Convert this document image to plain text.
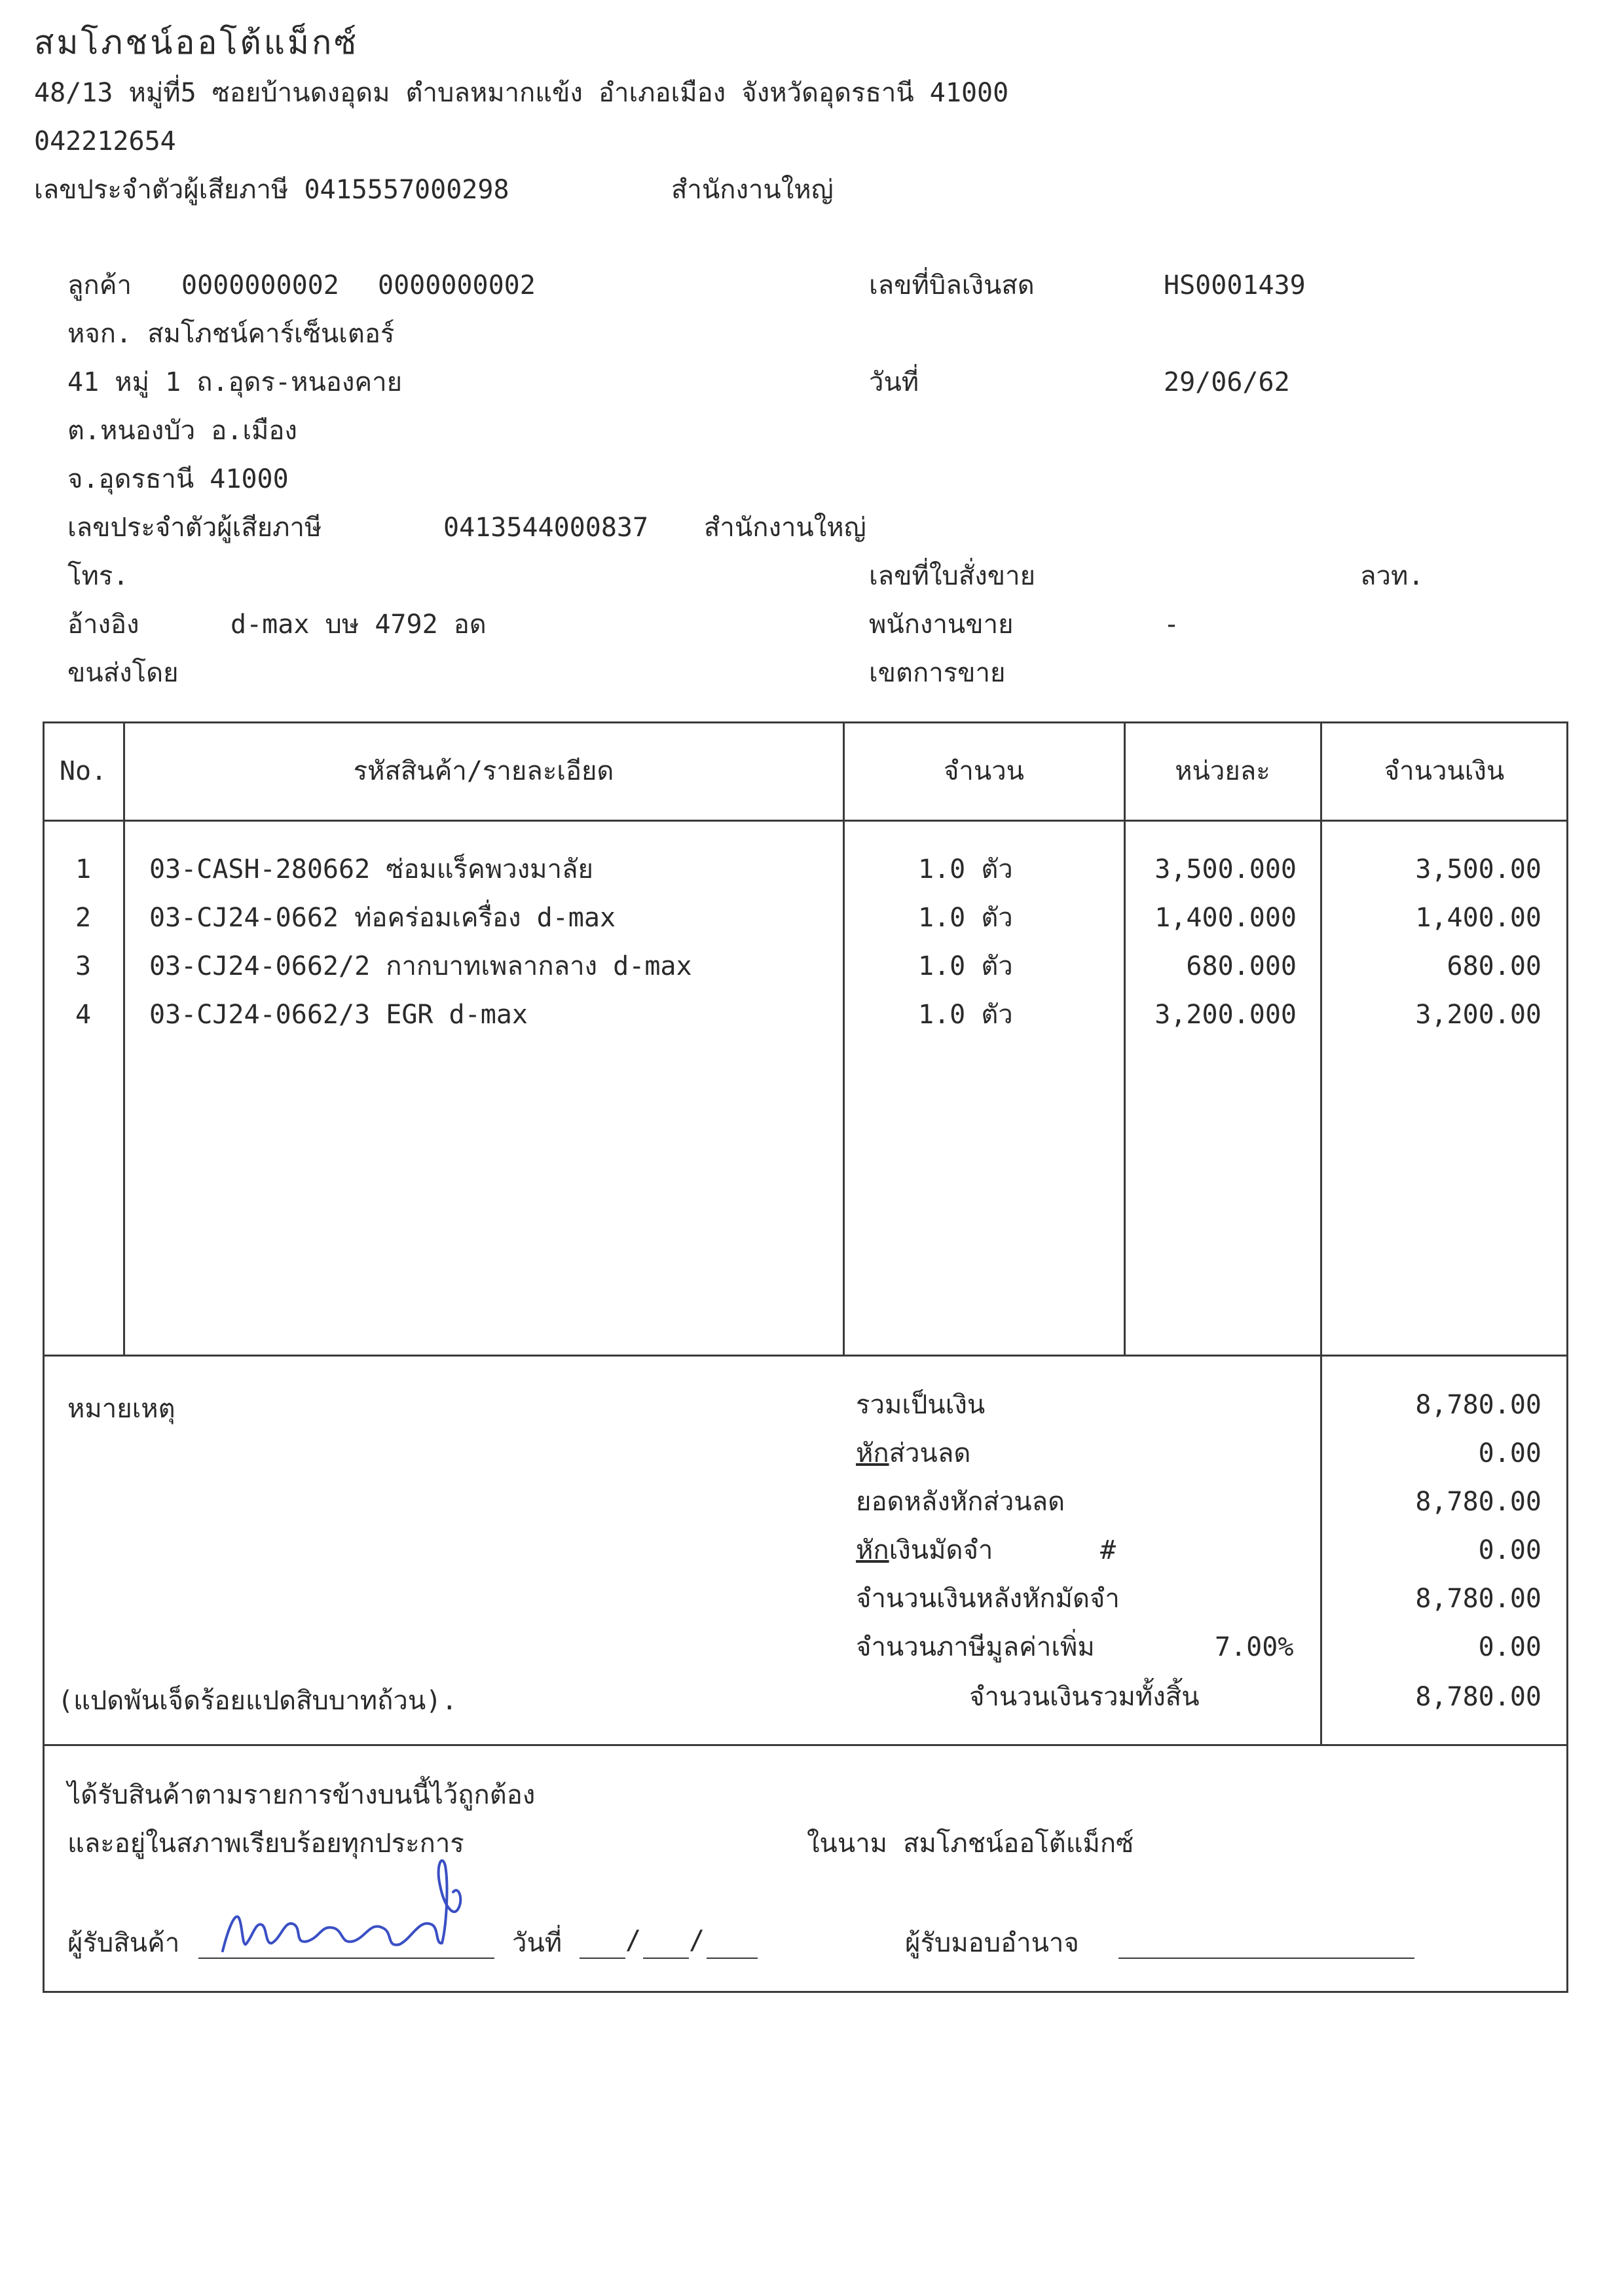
สมโภชน์ออโต้แม็กซ์
48/13 หมู่ที่5 ซอยบ้านดงอุดม ตำบลหมากแข้ง อำเภอเมือง จังหวัดอุดรธานี 41000
042212654
เลขประจำตัวผู้เสียภาษี 0415557000298	สำนักงานใหญ่
ลูกค้า 0000000002 0000000002
หจก. สมโภชน์คาร์เซ็นเตอร์
41 หมู่ 1 ถ.อุดร-หนองคาย
ต.หนองบัว อ.เมือง
จ.อุดรธานี 41000
เลขประจำตัวผู้เสียภาษี	0413544000837 สำนักงานใหญ่
โทร.
อ้างอิง	d-max บษ 4792 อด
ขนส่งโดย
เลขที่บิลเงินสด	HS0001439
วันที่	29/06/62
เลขที่ใบสั่งขาย	ลวท.
พนักงานขาย	-
เขตการขาย
No.	รหัสสินค้า/รายละเอียด	จำนวน	หน่วยละ	จำนวนเงิน
1	03-CASH-280662 ซ่อมแร็คพวงมาลัย	1.0 ตัว	3,500.000	3,500.00
2	03-CJ24-0662 ท่อคร่อมเครื่อง d-max	1.0 ตัว	1,400.000	1,400.00
3	03-CJ24-0662/2 กากบาทเพลากลาง d-max	1.0 ตัว	680.000	680.00
4	03-CJ24-0662/3 EGR d-max	1.0 ตัว	3,200.000	3,200.00
หมายเหตุ
(แปดพันเจ็ดร้อยแปดสิบบาทถ้วน).
รวมเป็นเงิน	8,780.00
หักส่วนลด	0.00
ยอดหลังหักส่วนลด	8,780.00
หักเงินมัดจำ	#	0.00
จำนวนเงินหลังหักมัดจำ	8,780.00
จำนวนภาษีมูลค่าเพิ่ม	7.00%	0.00
จำนวนเงินรวมทั้งสิ้น	8,780.00
ได้รับสินค้าตามรายการข้างบนนี้ไว้ถูกต้อง
และอยู่ในสภาพเรียบร้อยทุกประการ	ในนาม สมโภชน์ออโต้แม็กซ์
ผู้รับสินค้า	วันที่ / /	ผู้รับมอบอำนาจ
